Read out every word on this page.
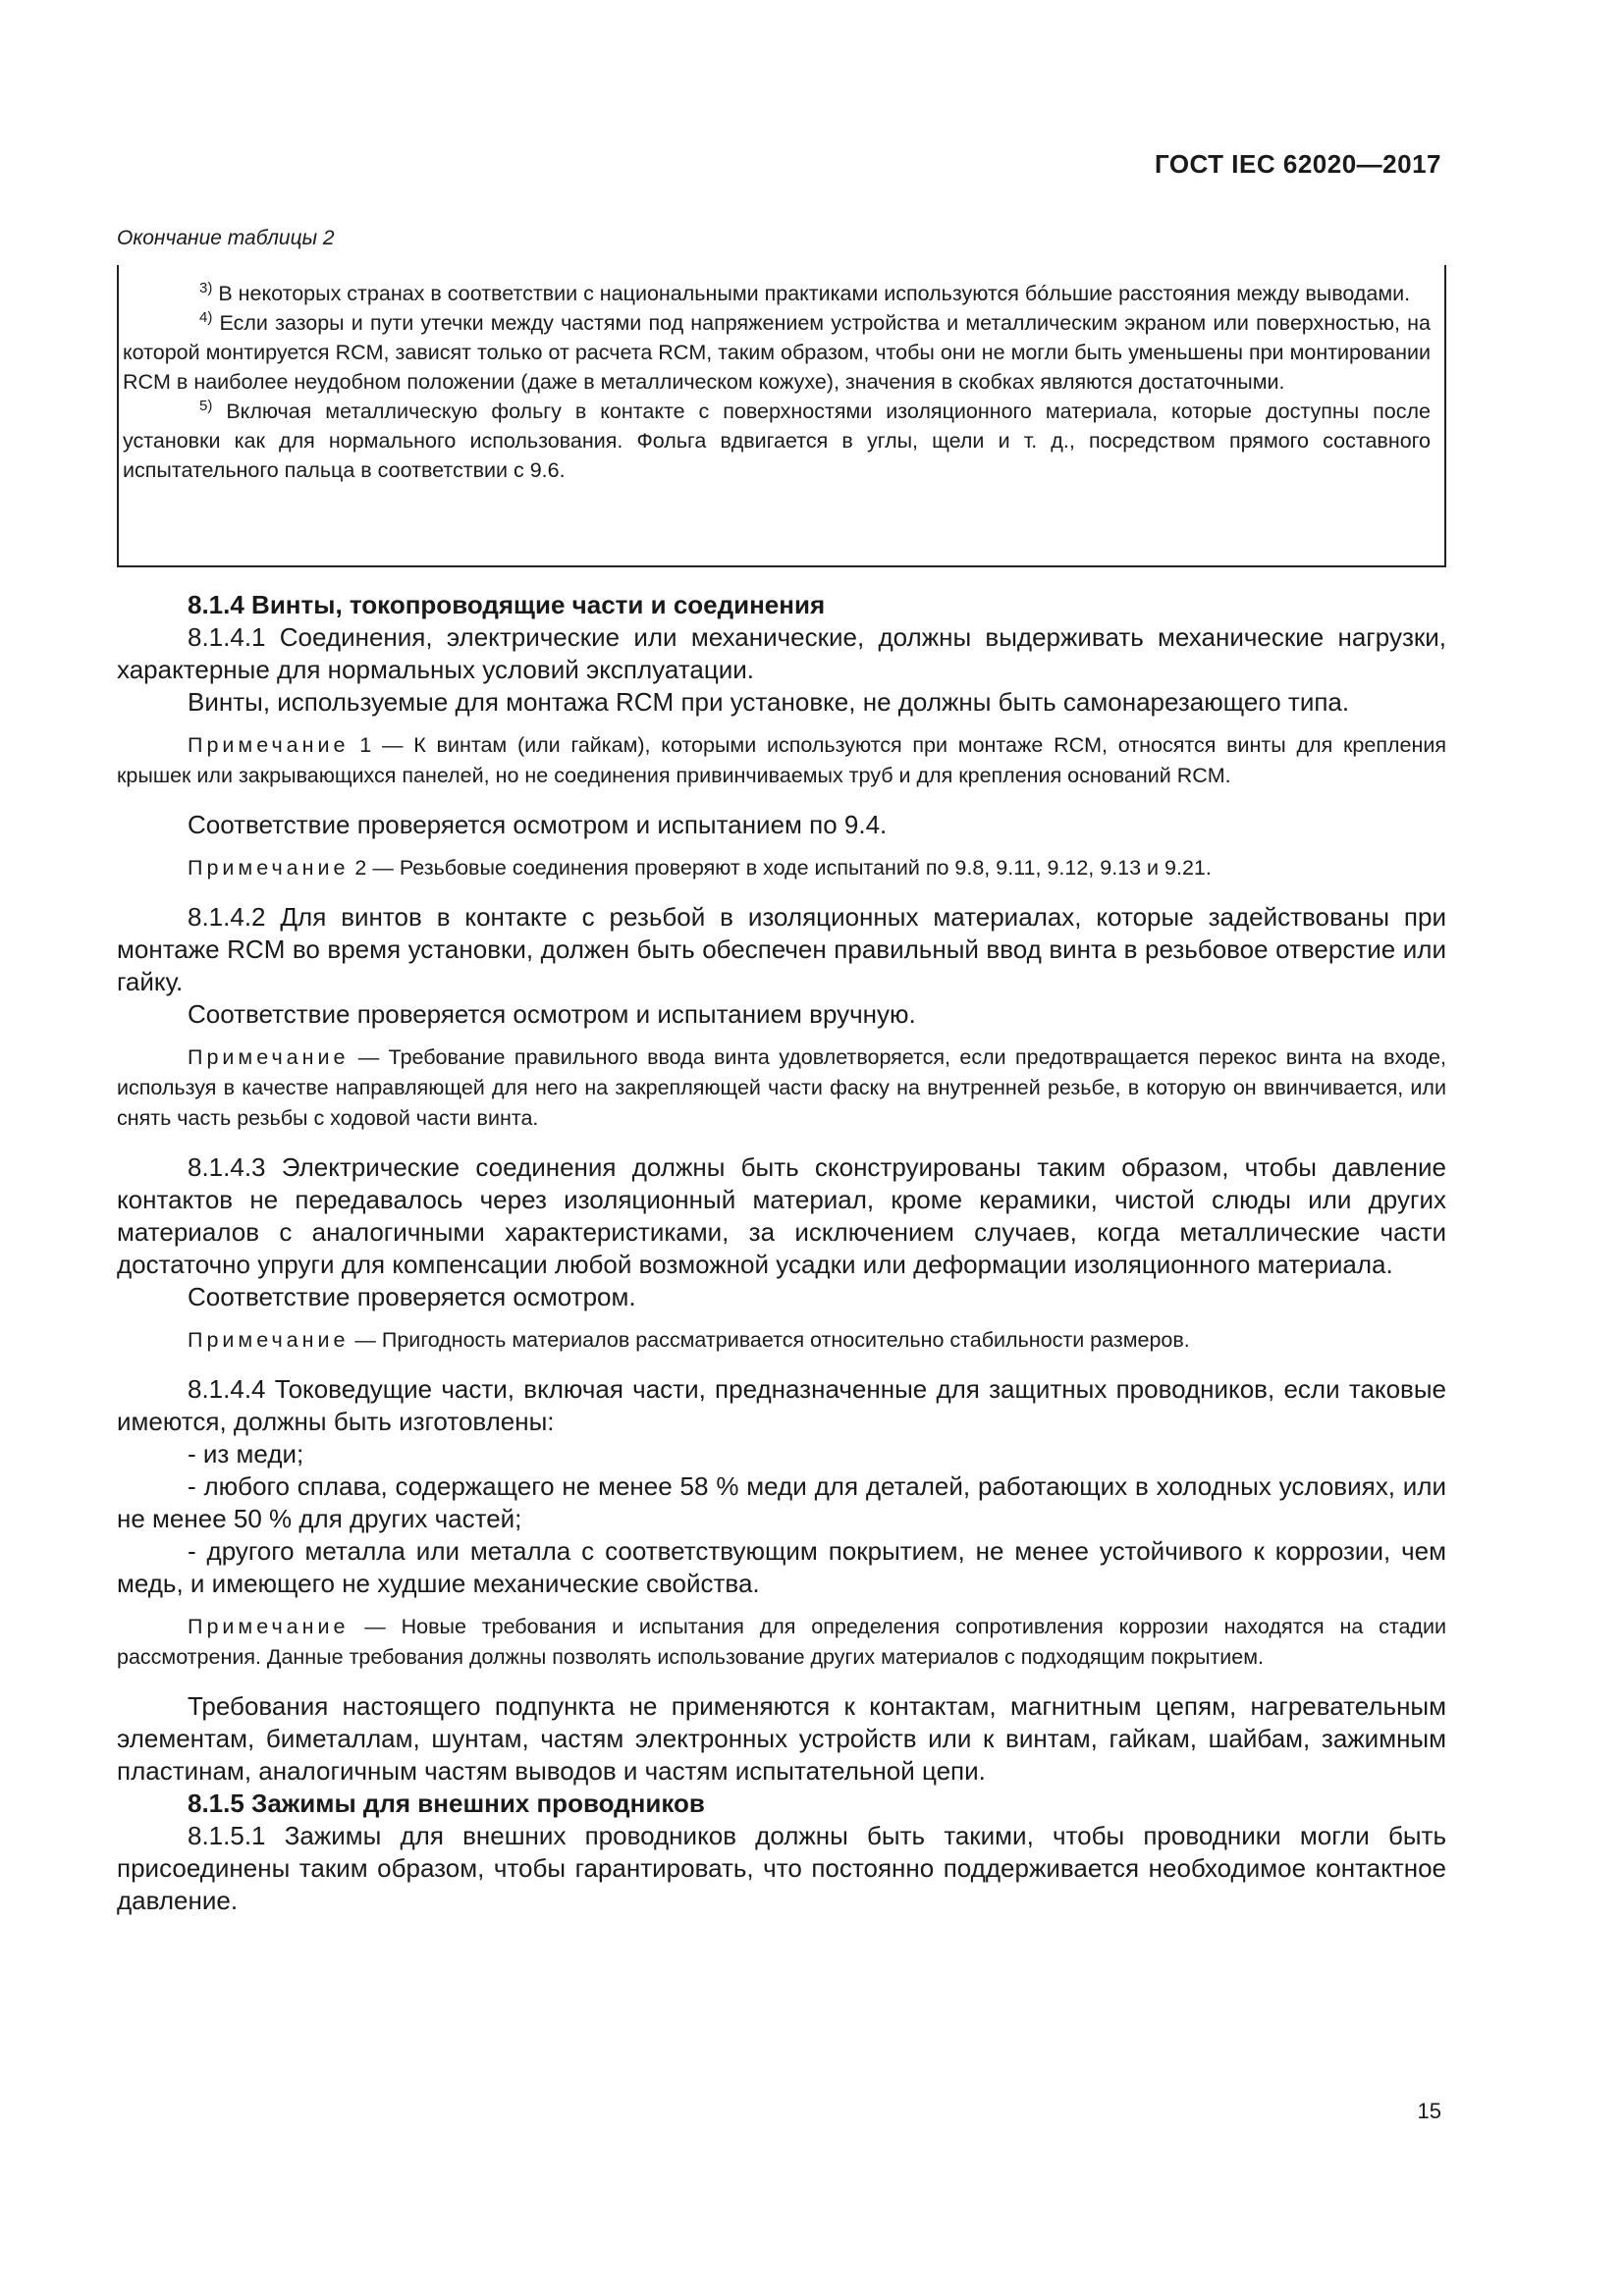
ГОСТ IEC 62020—2017
Окончание таблицы 2

$^{3)}$ В некоторых странах в соответствии с национальными практиками используются бóльшие расстояния между выводами.

$^{4)}$ Если зазоры и пути утечки между частями под напряжением устройства и металлическим экраном или поверхностью, на которой монтируется RCM, зависят только от расчета RCM, таким образом, чтобы они не могли быть уменьшены при монтировании RCM в наиболее неудобном положении (даже в металлическом кожухе), значения в скобках являются достаточными.

$^{5)}$ Включая металлическую фольгу в контакте с поверхностями изоляционного материала, которые доступны после установки как для нормального использования. Фольга вдвигается в углы, щели и т. д., посредством прямого составного испытательного пальца в соответствии с 9.6.

8.1.4 Винты, токопроводящие части и соединения

8.1.4.1 Соединения, электрические или механические, должны выдерживать механические нагрузки, характерные для нормальных условий эксплуатации.

Винты, используемые для монтажа RCM при установке, не должны быть самонарезающего типа.

Примечание 1 — К винтам (или гайкам), которыми используются при монтаже RCM, относятся винты для крепления крышек или закрывающихся панелей, но не соединения привинчиваемых труб и для крепления оснований RCM.

Соответствие проверяется осмотром и испытанием по 9.4.

Примечание 2 — Резьбовые соединения проверяют в ходе испытаний по 9.8, 9.11, 9.12, 9.13 и 9.21.

8.1.4.2 Для винтов в контакте с резьбой в изоляционных материалах, которые задействованы при монтаже RCM во время установки, должен быть обеспечен правильный ввод винта в резьбовое отверстие или гайку.

Соответствие проверяется осмотром и испытанием вручную.

Примечание — Требование правильного ввода винта удовлетворяется, если предотвращается перекос винта на входе, используя в качестве направляющей для него на закрепляющей части фаску на внутренней резьбе, в которую он ввинчивается, или снять часть резьбы с ходовой части винта.

8.1.4.3 Электрические соединения должны быть сконструированы таким образом, чтобы давление контактов не передавалось через изоляционный материал, кроме керамики, чистой слюды или других материалов с аналогичными характеристиками, за исключением случаев, когда металлические части достаточно упруги для компенсации любой возможной усадки или деформации изоляционного материала.

Соответствие проверяется осмотром.

Примечание — Пригодность материалов рассматривается относительно стабильности размеров.

8.1.4.4 Токоведущие части, включая части, предназначенные для защитных проводников, если таковые имеются, должны быть изготовлены:

- из меди;

- любого сплава, содержащего не менее 58 % меди для деталей, работающих в холодных условиях, или не менее 50 % для других частей;

- другого металла или металла с соответствующим покрытием, не менее устойчивого к коррозии, чем медь, и имеющего не худшие механические свойства.

Примечание — Новые требования и испытания для определения сопротивления коррозии находятся на стадии рассмотрения. Данные требования должны позволять использование других материалов с подходящим покрытием.

Требования настоящего подпункта не применяются к контактам, магнитным цепям, нагревательным элементам, биметаллам, шунтам, частям электронных устройств или к винтам, гайкам, шайбам, зажимным пластинам, аналогичным частям выводов и частям испытательной цепи.

8.1.5 Зажимы для внешних проводников

8.1.5.1 Зажимы для внешних проводников должны быть такими, чтобы проводники могли быть присоединены таким образом, чтобы гарантировать, что постоянно поддерживается необходимое контактное давление.

15
